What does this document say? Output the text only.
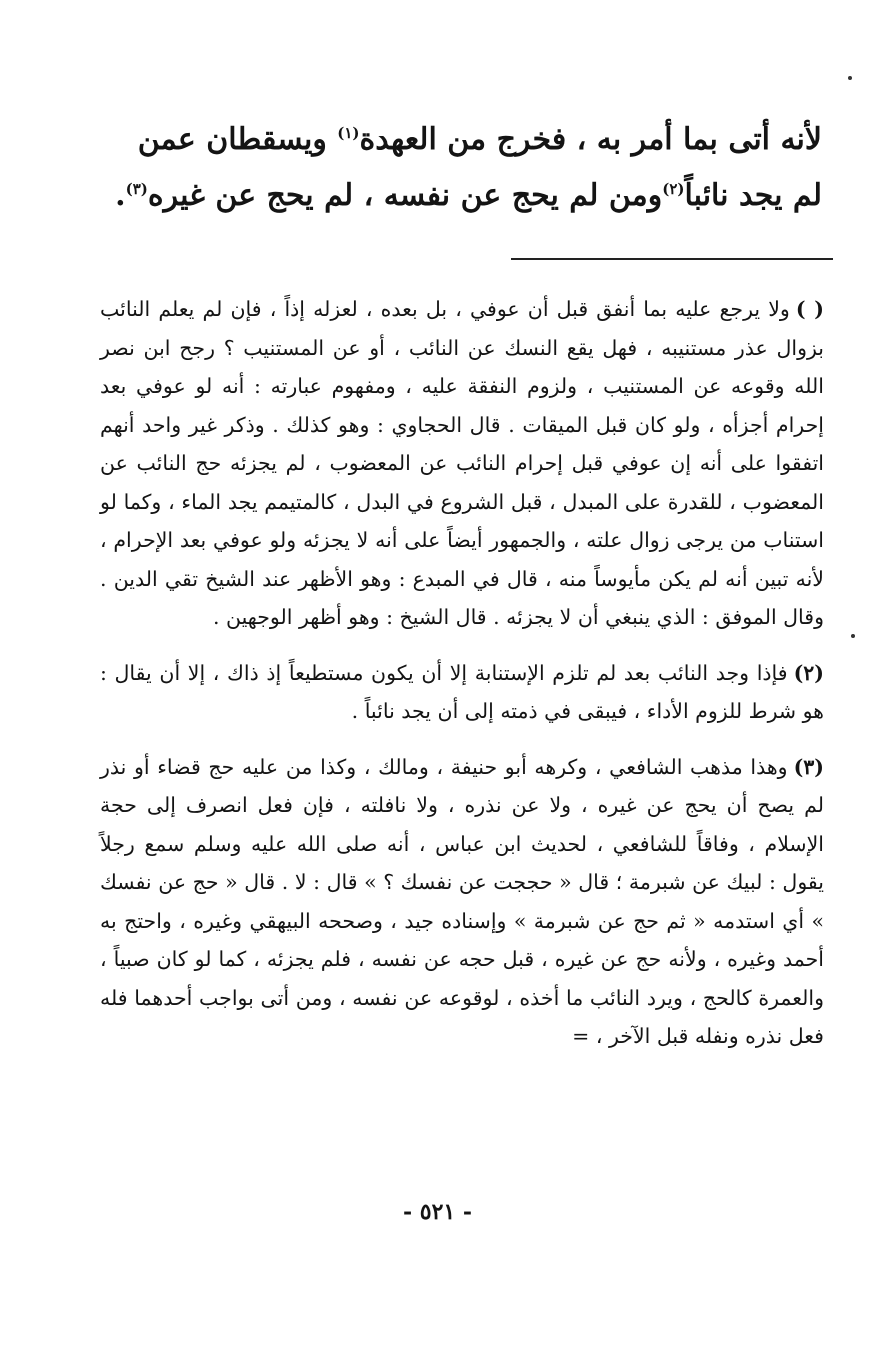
لأنه أتى بما أمر به ، فخرج من العهدة$^{(١)}$ ويسقطان عمن

لم يجد نائباً$^{(٢)}$ومن لم يحج عن نفسه ، لم يحج عن غيره$^{(٣)}$.

( )ولا يرجع عليه بما أنفق قبل أن عوفي ، بل بعده ، لعزله إذاً ، فإن لم يعلم النائب بزوال عذر مستنيبه ، فهل يقع النسك عن النائب ، أو عن المستنيب ؟ رجح ابن نصر الله وقوعه عن المستنيب ، ولزوم النفقة عليه ، ومفهوم عبارته : أنه لو عوفي بعد إحرام أجزأه ، ولو كان قبل الميقات . قال الحجاوي : وهو كذلك . وذكر غير واحد أنهم اتفقوا على أنه إن عوفي قبل إحرام النائب عن المعضوب ، لم يجزئه حج النائب عن المعضوب ، للقدرة على المبدل ، قبل الشروع في البدل ، كالمتيمم يجد الماء ، وكما لو استناب من يرجى زوال علته ، والجمهور أيضاً على أنه لا يجزئه ولو عوفي بعد الإحرام ، لأنه تبين أنه لم يكن مأيوساً منه ، قال في المبدع : وهو الأظهر عند الشيخ تقي الدين . وقال الموفق : الذي ينبغي أن لا يجزئه . قال الشيخ : وهو أظهر الوجهين .

(٢)فإذا وجد النائب بعد لم تلزم الإستنابة إلا أن يكون مستطيعاً إذ ذاك ، إلا أن يقال : هو شرط للزوم الأداء ، فيبقى في ذمته إلى أن يجد نائباً .

(٣)وهذا مذهب الشافعي ، وكرهه أبو حنيفة ، ومالك ، وكذا من عليه حج قضاء أو نذر لم يصح أن يحج عن غيره ، ولا عن نذره ، ولا نافلته ، فإن فعل انصرف إلى حجة الإسلام ، وفاقاً للشافعي ، لحديث ابن عباس ، أنه صلى الله عليه وسلم سمع رجلاً يقول : لبيك عن شبرمة ؛ قال « حججت عن نفسك ؟ » قال : لا . قال « حج عن نفسك » أي استدمه « ثم حج عن شبرمة » وإسناده جيد ، وصححه البيهقي وغيره ، واحتج به أحمد وغيره ، ولأنه حج عن غيره ، قبل حجه عن نفسه ، فلم يجزئه ، كما لو كان صبياً ، والعمرة كالحج ، ويرد النائب ما أخذه ، لوقوعه عن نفسه ، ومن أتى بواجب أحدهما فله فعل نذره ونفله قبل الآخر ، =

- ٥٢١ -
